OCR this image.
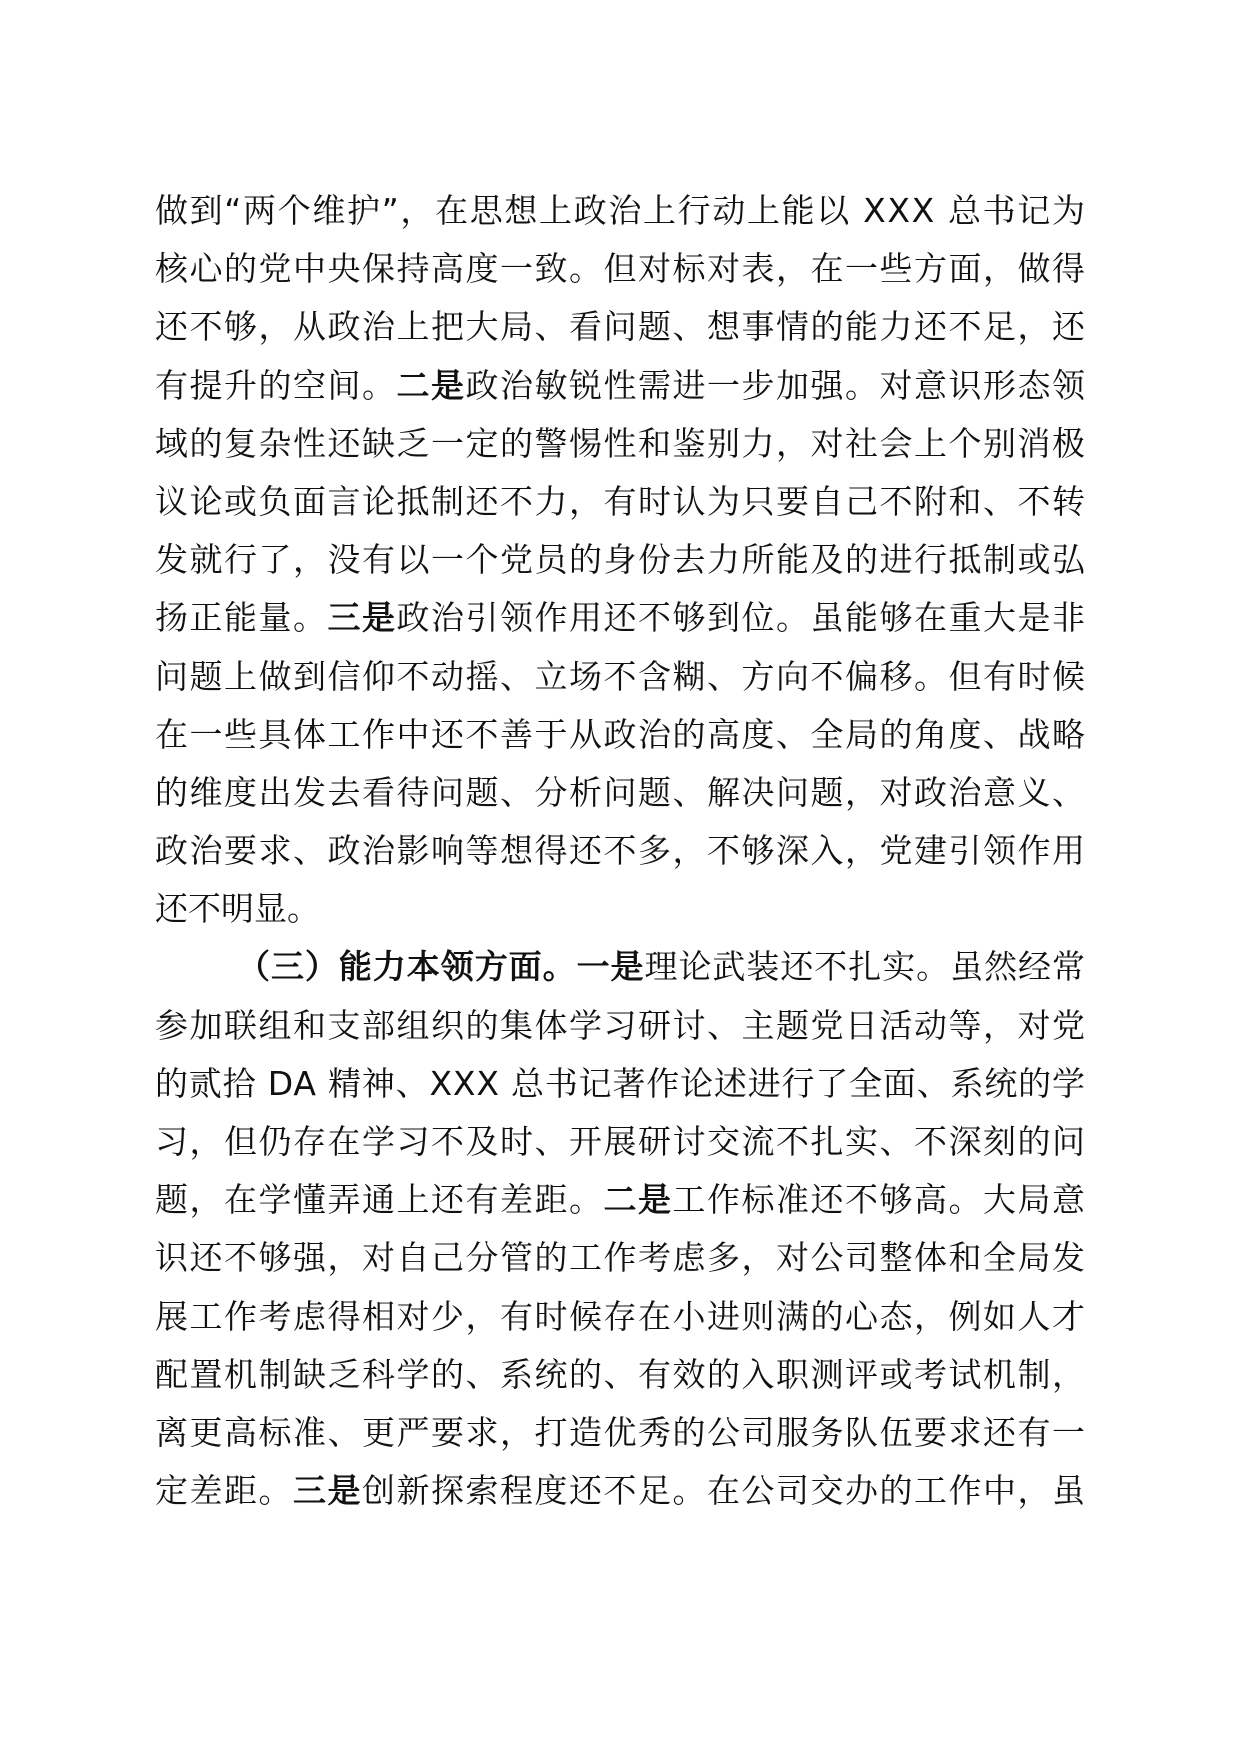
做到“两个维护”，在思想上政治上行动上能以 XXX 总书记为
核心的党中央保持高度一致。但对标对表，在一些方面，做得
还不够，从政治上把大局、看问题、想事情的能力还不足，还
有提升的空间。二是政治敏锐性需进一步加强。对意识形态领
域的复杂性还缺乏一定的警惕性和鉴别力，对社会上个别消极
议论或负面言论抵制还不力，有时认为只要自己不附和、不转
发就行了，没有以一个党员的身份去力所能及的进行抵制或弘
扬正能量。三是政治引领作用还不够到位。虽能够在重大是非
问题上做到信仰不动摇、立场不含糊、方向不偏移。但有时候
在一些具体工作中还不善于从政治的高度、全局的角度、战略
的维度出发去看待问题、分析问题、解决问题，对政治意义、
政治要求、政治影响等想得还不多，不够深入，党建引领作用
还不明显。
（三）能力本领方面。一是理论武装还不扎实。虽然经常
参加联组和支部组织的集体学习研讨、主题党日活动等，对党
的贰拾 DA 精神、XXX 总书记著作论述进行了全面、系统的学
习，但仍存在学习不及时、开展研讨交流不扎实、不深刻的问
题，在学懂弄通上还有差距。二是工作标准还不够高。大局意
识还不够强，对自己分管的工作考虑多，对公司整体和全局发
展工作考虑得相对少，有时候存在小进则满的心态，例如人才
配置机制缺乏科学的、系统的、有效的入职测评或考试机制，
离更高标准、更严要求，打造优秀的公司服务队伍要求还有一
定差距。三是创新探索程度还不足。在公司交办的工作中，虽
